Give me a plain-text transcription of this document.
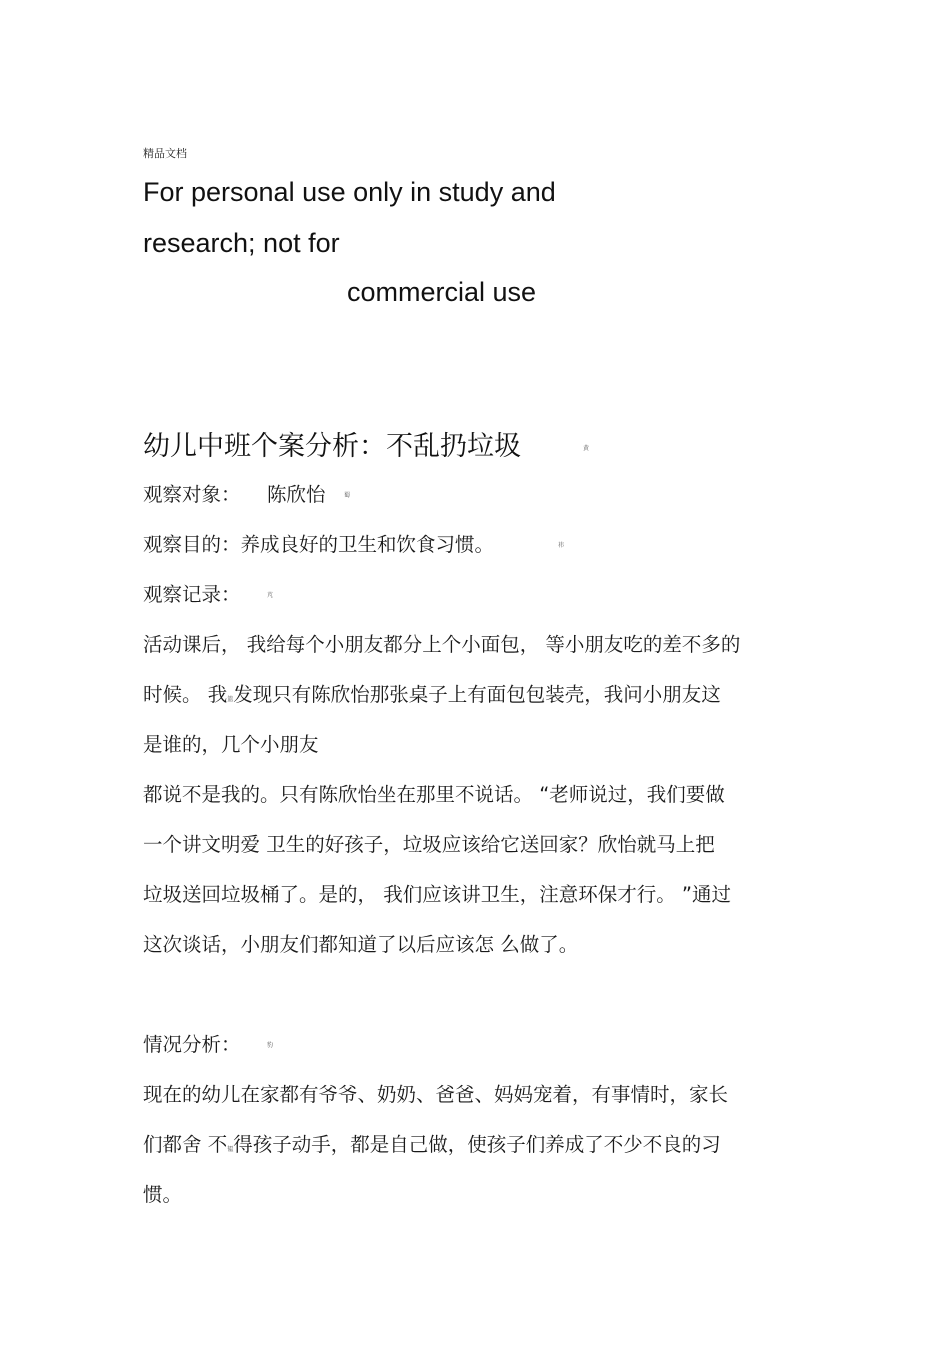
精品文档
For personal use only in study and
research; not for
commercial use
幼儿中班个案分析：不乱扔垃圾	黄
观察对象： 陈欣怡	蜀
观察目的：养成良好的卫生和饮食习惯。	祎
观察记录：	芃
活动课后， 我给每个小朋友都分上个小面包， 等小朋友吃的差不多的
时候。 我篮发现只有陈欣怡那张桌子上有面包包装壳，我问小朋友这
是谁的，几个小朋友
都说不是我的。只有陈欣怡坐在那里不说话。 “老师说过，我们要做
一个讲文明爱 卫生的好孩子，垃圾应该给它送回家？欣怡就马上把
垃圾送回垃圾桶了。是的， 我们应该讲卫生，注意环保才行。 ”通过
这次谈话，小朋友们都知道了以后应该怎 么做了。
情况分析：	豹
现在的幼儿在家都有爷爷、奶奶、爸爸、妈妈宠着，有事情时，家长
们都舍 不韫得孩子动手，都是自己做，使孩子们养成了不少不良的习
惯。
